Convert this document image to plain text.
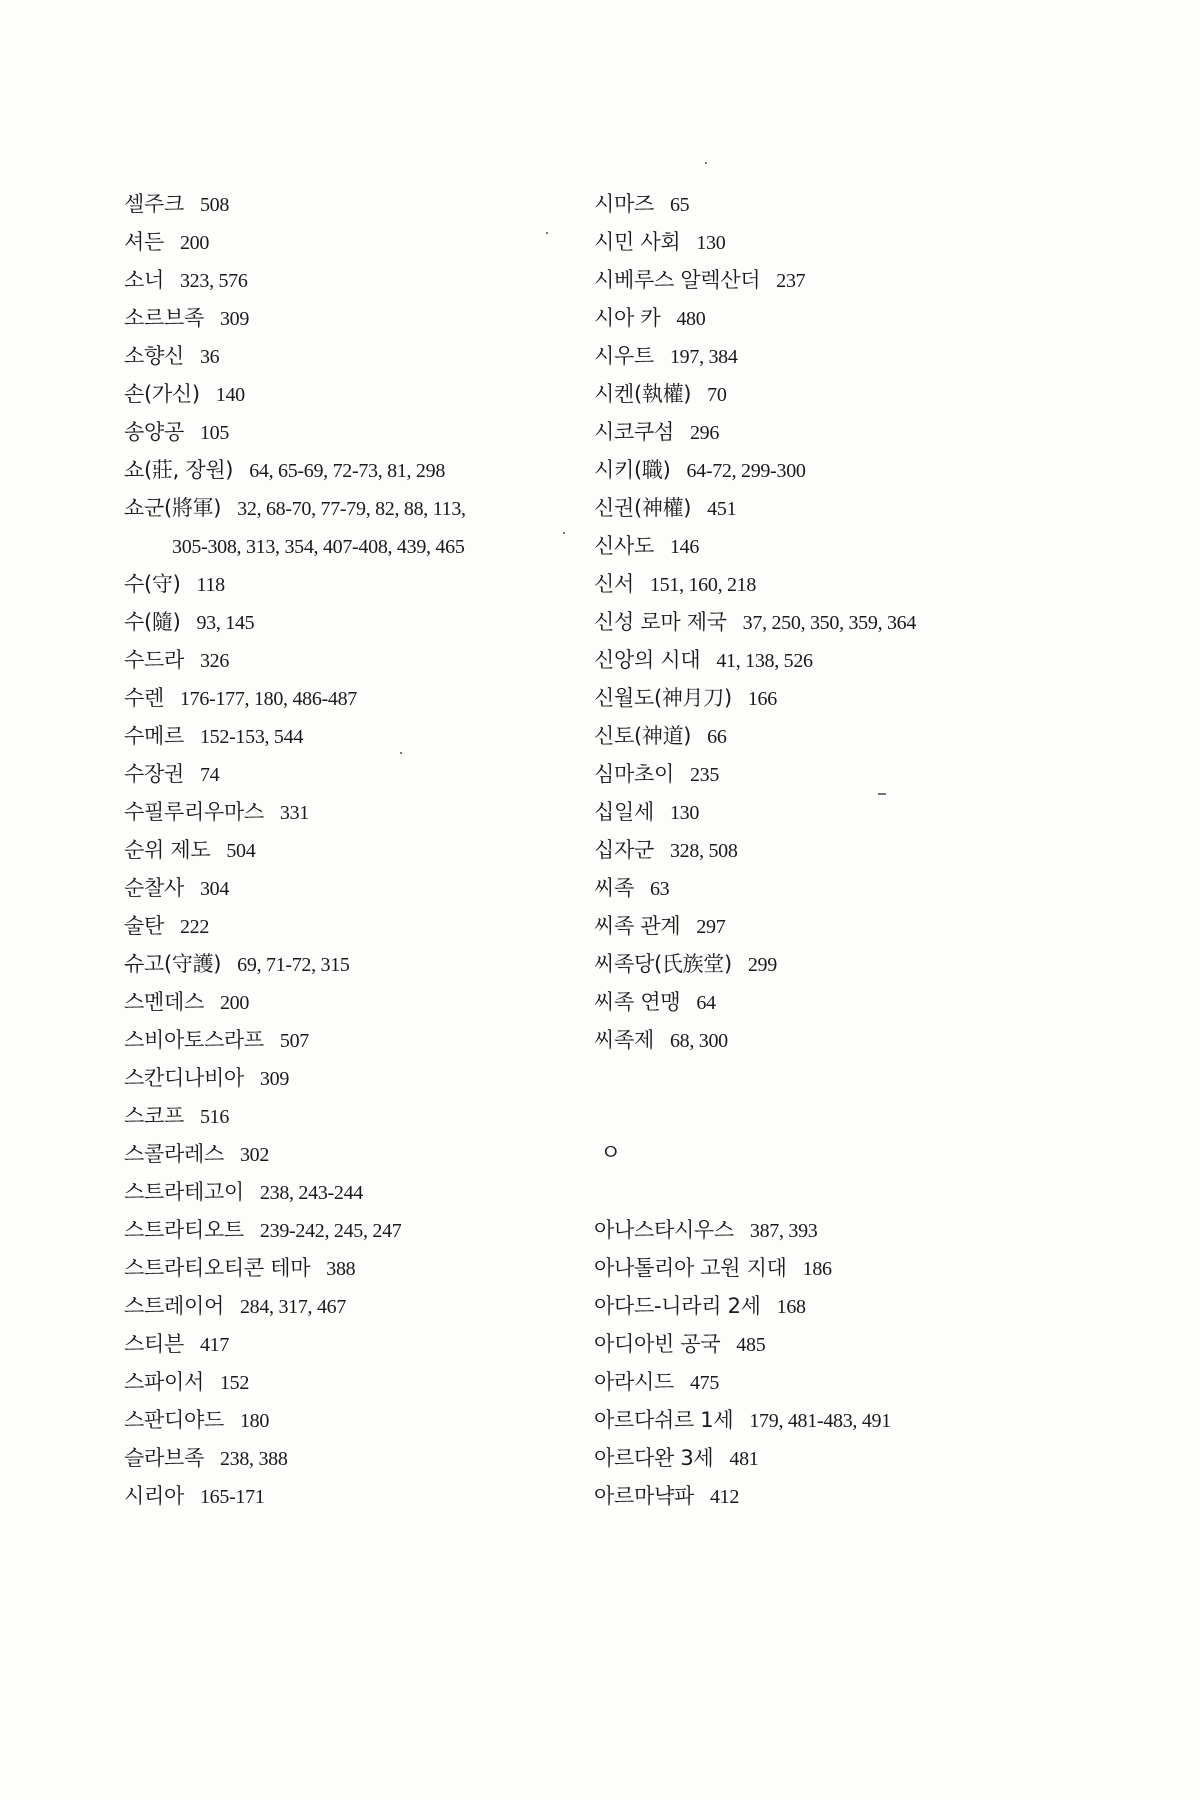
셀주크 508
셔든 200
소너 323, 576
소르브족 309
소향신 36
손(가신) 140
송양공 105
쇼(莊, 장원) 64, 65-69, 72-73, 81, 298
쇼군(將軍) 32, 68-70, 77-79, 82, 88, 113,
305-308, 313, 354, 407-408, 439, 465
수(守) 118
수(隨) 93, 145
수드라 326
수렌 176-177, 180, 486-487
수메르 152-153, 544
수장권 74
수필루리우마스 331
순위 제도 504
순찰사 304
술탄 222
슈고(守護) 69, 71-72, 315
스멘데스 200
스비아토스라프 507
스칸디나비아 309
스코프 516
스콜라레스 302
스트라테고이 238, 243-244
스트라티오트 239-242, 245, 247
스트라티오티콘 테마 388
스트레이어 284, 317, 467
스티븐 417
스파이서 152
스판디야드 180
슬라브족 238, 388
시리아 165-171
시마즈 65
시민 사회 130
시베루스 알렉산더 237
시아 카 480
시우트 197, 384
시켄(執權) 70
시코쿠섬 296
시키(職) 64-72, 299-300
신권(神權) 451
신사도 146
신서 151, 160, 218
신성 로마 제국 37, 250, 350, 359, 364
신앙의 시대 41, 138, 526
신월도(神月刀) 166
신토(神道) 66
심마초이 235
십일세 130
십자군 328, 508
씨족 63
씨족 관계 297
씨족당(氏族堂) 299
씨족 연맹 64
씨족제 68, 300
ㅇ
아나스타시우스 387, 393
아나톨리아 고원 지대 186
아다드-니라리 2세 168
아디아빈 공국 485
아라시드 475
아르다쉬르 1세 179, 481-483, 491
아르다완 3세 481
아르마냑파 412
